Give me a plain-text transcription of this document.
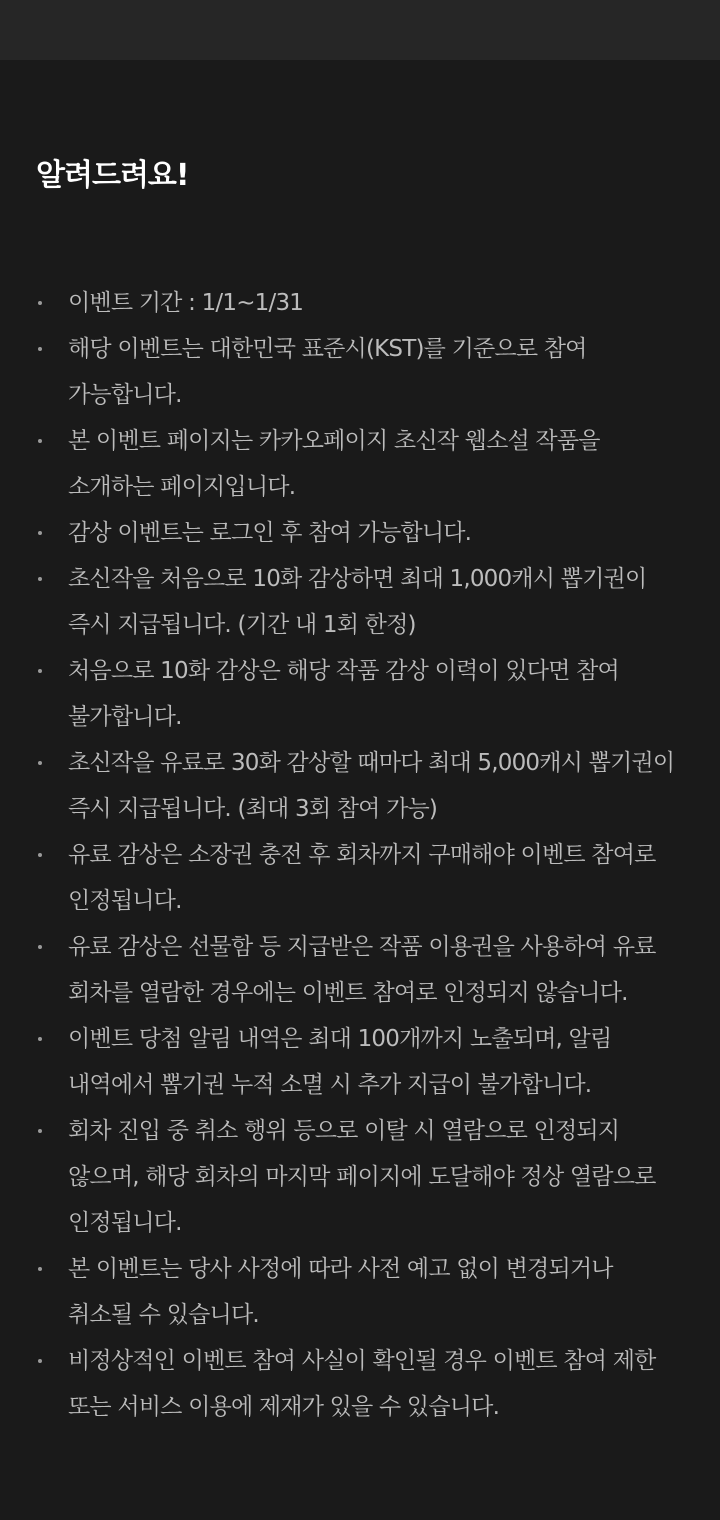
알려드려요!
이벤트 기간 : 1/1~1/31
해당 이벤트는 대한민국 표준시(KST)를 기준으로 참여 가능합니다.
본 이벤트 페이지는 카카오페이지 초신작 웹소설 작품을 소개하는 페이지입니다.
감상 이벤트는 로그인 후 참여 가능합니다.
초신작을 처음으로 10화 감상하면 최대 1,000캐시 뽑기권이 즉시 지급됩니다. (기간 내 1회 한정)
처음으로 10화 감상은 해당 작품 감상 이력이 있다면 참여 불가합니다.
초신작을 유료로 30화 감상할 때마다 최대 5,000캐시 뽑기권이 즉시 지급됩니다. (최대 3회 참여 가능)
유료 감상은 소장권 충전 후 회차까지 구매해야 이벤트 참여로 인정됩니다.
유료 감상은 선물함 등 지급받은 작품 이용권을 사용하여 유료 회차를 열람한 경우에는 이벤트 참여로 인정되지 않습니다.
이벤트 당첨 알림 내역은 최대 100개까지 노출되며, 알림 내역에서 뽑기권 누적 소멸 시 추가 지급이 불가합니다.
회차 진입 중 취소 행위 등으로 이탈 시 열람으로 인정되지 않으며, 해당 회차의 마지막 페이지에 도달해야 정상 열람으로 인정됩니다.
본 이벤트는 당사 사정에 따라 사전 예고 없이 변경되거나 취소될 수 있습니다.
비정상적인 이벤트 참여 사실이 확인될 경우 이벤트 참여 제한 또는 서비스 이용에 제재가 있을 수 있습니다.
